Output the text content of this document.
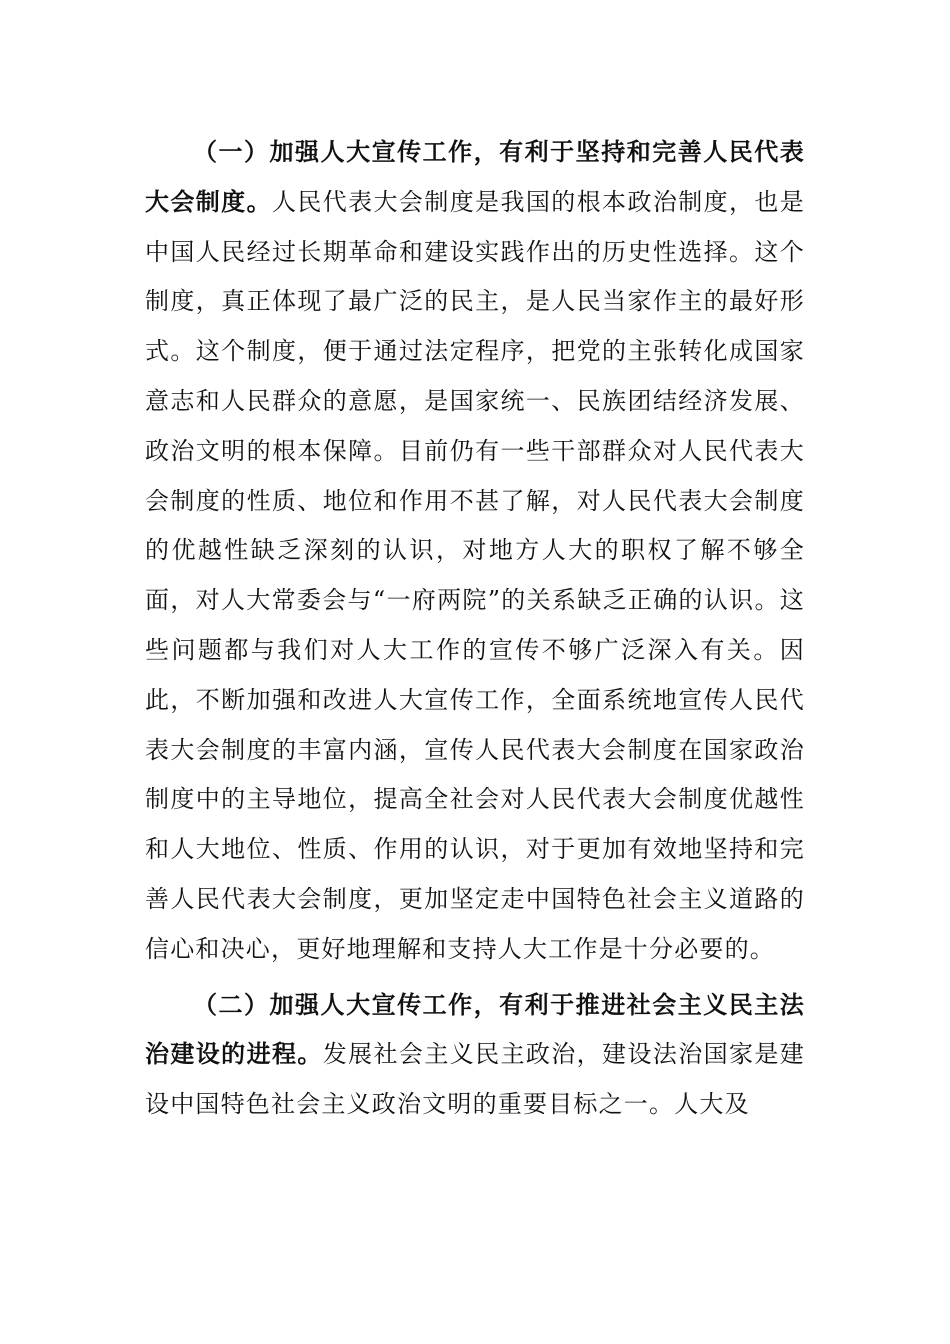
（一）加强人大宣传工作，有利于坚持和完善人民代表大会制度。人民代表大会制度是我国的根本政治制度，也是中国人民经过长期革命和建设实践作出的历史性选择。这个制度，真正体现了最广泛的民主，是人民当家作主的最好形式。这个制度，便于通过法定程序，把党的主张转化成国家意志和人民群众的意愿，是国家统一、民族团结经济发展、政治文明的根本保障。目前仍有一些干部群众对人民代表大会制度的性质、地位和作用不甚了解，对人民代表大会制度的优越性缺乏深刻的认识，对地方人大的职权了解不够全面，对人大常委会与“一府两院”的关系缺乏正确的认识。这些问题都与我们对人大工作的宣传不够广泛深入有关。因此，不断加强和改进人大宣传工作，全面系统地宣传人民代表大会制度的丰富内涵，宣传人民代表大会制度在国家政治制度中的主导地位，提高全社会对人民代表大会制度优越性和人大地位、性质、作用的认识，对于更加有效地坚持和完善人民代表大会制度，更加坚定走中国特色社会主义道路的信心和决心，更好地理解和支持人大工作是十分必要的。

（二）加强人大宣传工作，有利于推进社会主义民主法治建设的进程。发展社会主义民主政治，建设法治国家是建设中国特色社会主义政治文明的重要目标之一。人大及
